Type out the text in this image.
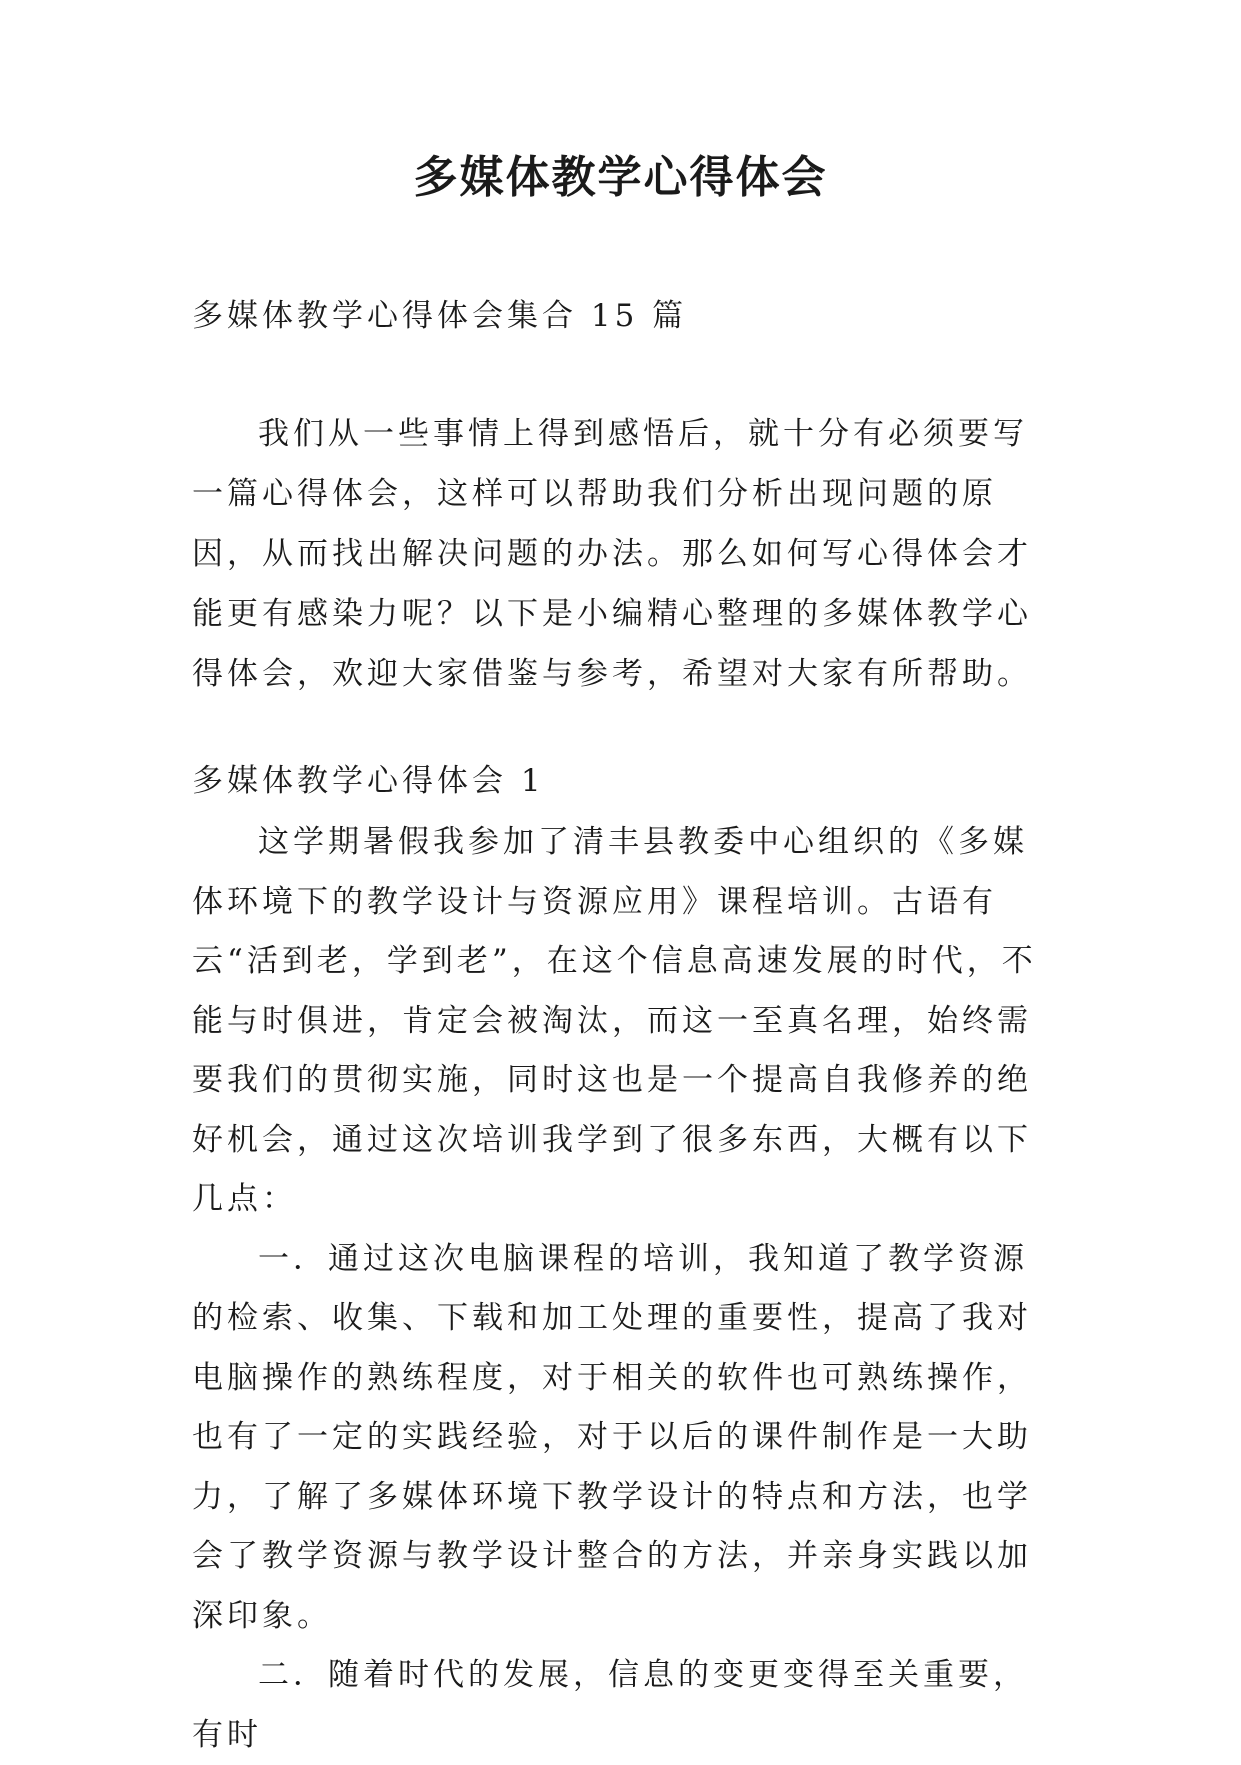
多媒体教学心得体会

多媒体教学心得体会集合 15 篇

我们从一些事情上得到感悟后，就十分有必须要写一篇心得体会，这样可以帮助我们分析出现问题的原因，从而找出解决问题的办法。那么如何写心得体会才能更有感染力呢？以下是小编精心整理的多媒体教学心得体会，欢迎大家借鉴与参考，希望对大家有所帮助。

多媒体教学心得体会 1

这学期暑假我参加了清丰县教委中心组织的《多媒体环境下的教学设计与资源应用》课程培训。古语有云“活到老，学到老”，在这个信息高速发展的时代，不能与时俱进，肯定会被淘汰，而这一至真名理，始终需要我们的贯彻实施，同时这也是一个提高自我修养的绝好机会，通过这次培训我学到了很多东西，大概有以下几点：

一．通过这次电脑课程的培训，我知道了教学资源的检索、收集、下载和加工处理的重要性，提高了我对电脑操作的熟练程度，对于相关的软件也可熟练操作，也有了一定的实践经验，对于以后的课件制作是一大助力，了解了多媒体环境下教学设计的特点和方法，也学会了教学资源与教学设计整合的方法，并亲身实践以加深印象。

二．随着时代的发展，信息的变更变得至关重要，有时
